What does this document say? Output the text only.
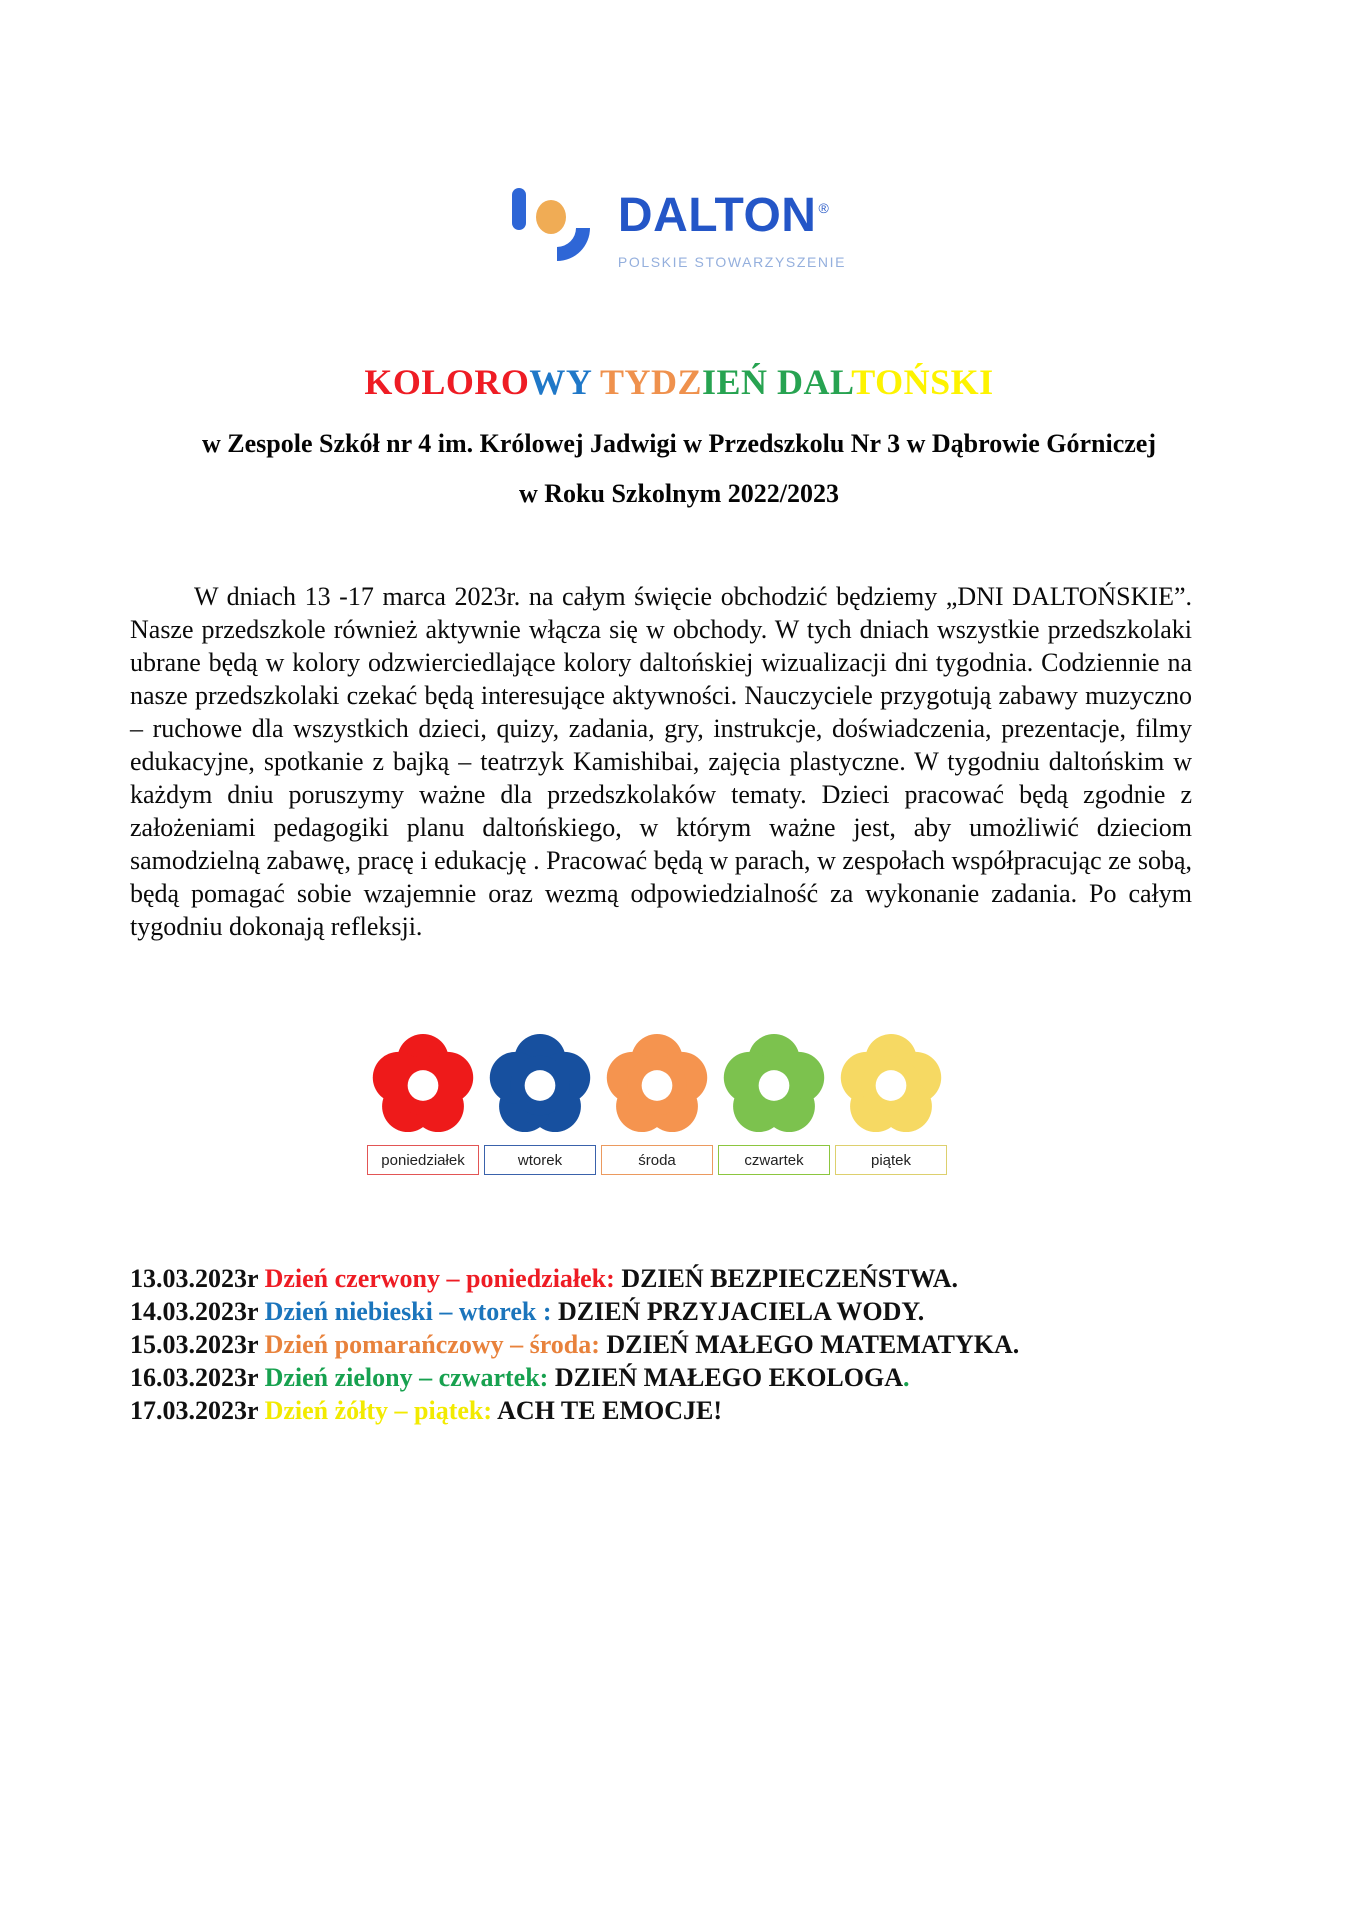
DALTON ®
POLSKIE STOWARZYSZENIE
KOLOROWY TYDZIEŃ DALTOŃSKI

w Zespole Szkół nr 4 im. Królowej Jadwigi w Przedszkolu Nr 3 w Dąbrowie Górniczej

w Roku Szkolnym 2022/2023

W dniach 13 -17 marca 2023r. na całym święcie obchodzić będziemy „DNI DALTOŃSKIE”. Nasze przedszkole również aktywnie włącza się w obchody. W tych dniach wszystkie przedszkolaki ubrane będą w kolory odzwierciedlające kolory daltońskiej wizualizacji dni tygodnia. Codziennie na nasze przedszkolaki czekać będą interesujące aktywności. Nauczyciele przygotują zabawy muzyczno – ruchowe dla wszystkich dzieci, quizy, zadania, gry, instrukcje, doświadczenia, prezentacje, filmy edukacyjne, spotkanie z bajką – teatrzyk Kamishibai, zajęcia plastyczne. W tygodniu daltońskim w każdym dniu poruszymy ważne dla przedszkolaków tematy. Dzieci pracować będą zgodnie z założeniami pedagogiki planu daltońskiego, w którym ważne jest, aby umożliwić dzieciom samodzielną zabawę, pracę i edukację . Pracować będą w parach, w zespołach współpracując ze sobą, będą pomagać sobie wzajemnie oraz wezmą odpowiedzialność za wykonanie zadania. Po całym tygodniu dokonają refleksji.

poniedziałek	wtorek	środa	czwartek	piątek
13.03.2023r Dzień czerwony – poniedziałek: DZIEŃ BEZPIECZEŃSTWA.
14.03.2023r Dzień niebieski – wtorek : DZIEŃ PRZYJACIELA WODY.
15.03.2023r Dzień pomarańczowy – środa: DZIEŃ MAŁEGO MATEMATYKA.
16.03.2023r Dzień zielony – czwartek: DZIEŃ MAŁEGO EKOLOGA.
17.03.2023r Dzień żółty – piątek: ACH TE EMOCJE!
